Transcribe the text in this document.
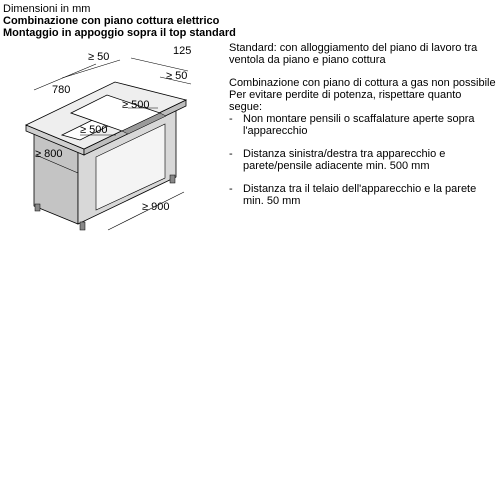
Dimensioni in mm
Combinazione con piano cottura elettrico
Montaggio in appoggio sopra il top standard
≥ 50	125
≥ 50
780
≥ 500
≥ 500
≥ 800
≥ 900

Standard: con alloggiamento del piano di lavoro tra ventola da piano e piano cottura

Combinazione con piano di cottura a gas non possibile

Per evitare perdite di potenza, rispettare quanto segue:

- Non montare pensili o scaffalature aperte sopra l'apparecchio
- Distanza sinistra/destra tra apparecchio e parete/pensile adiacente min. 500 mm
- Distanza tra il telaio dell'apparecchio e la parete min. 50 mm
